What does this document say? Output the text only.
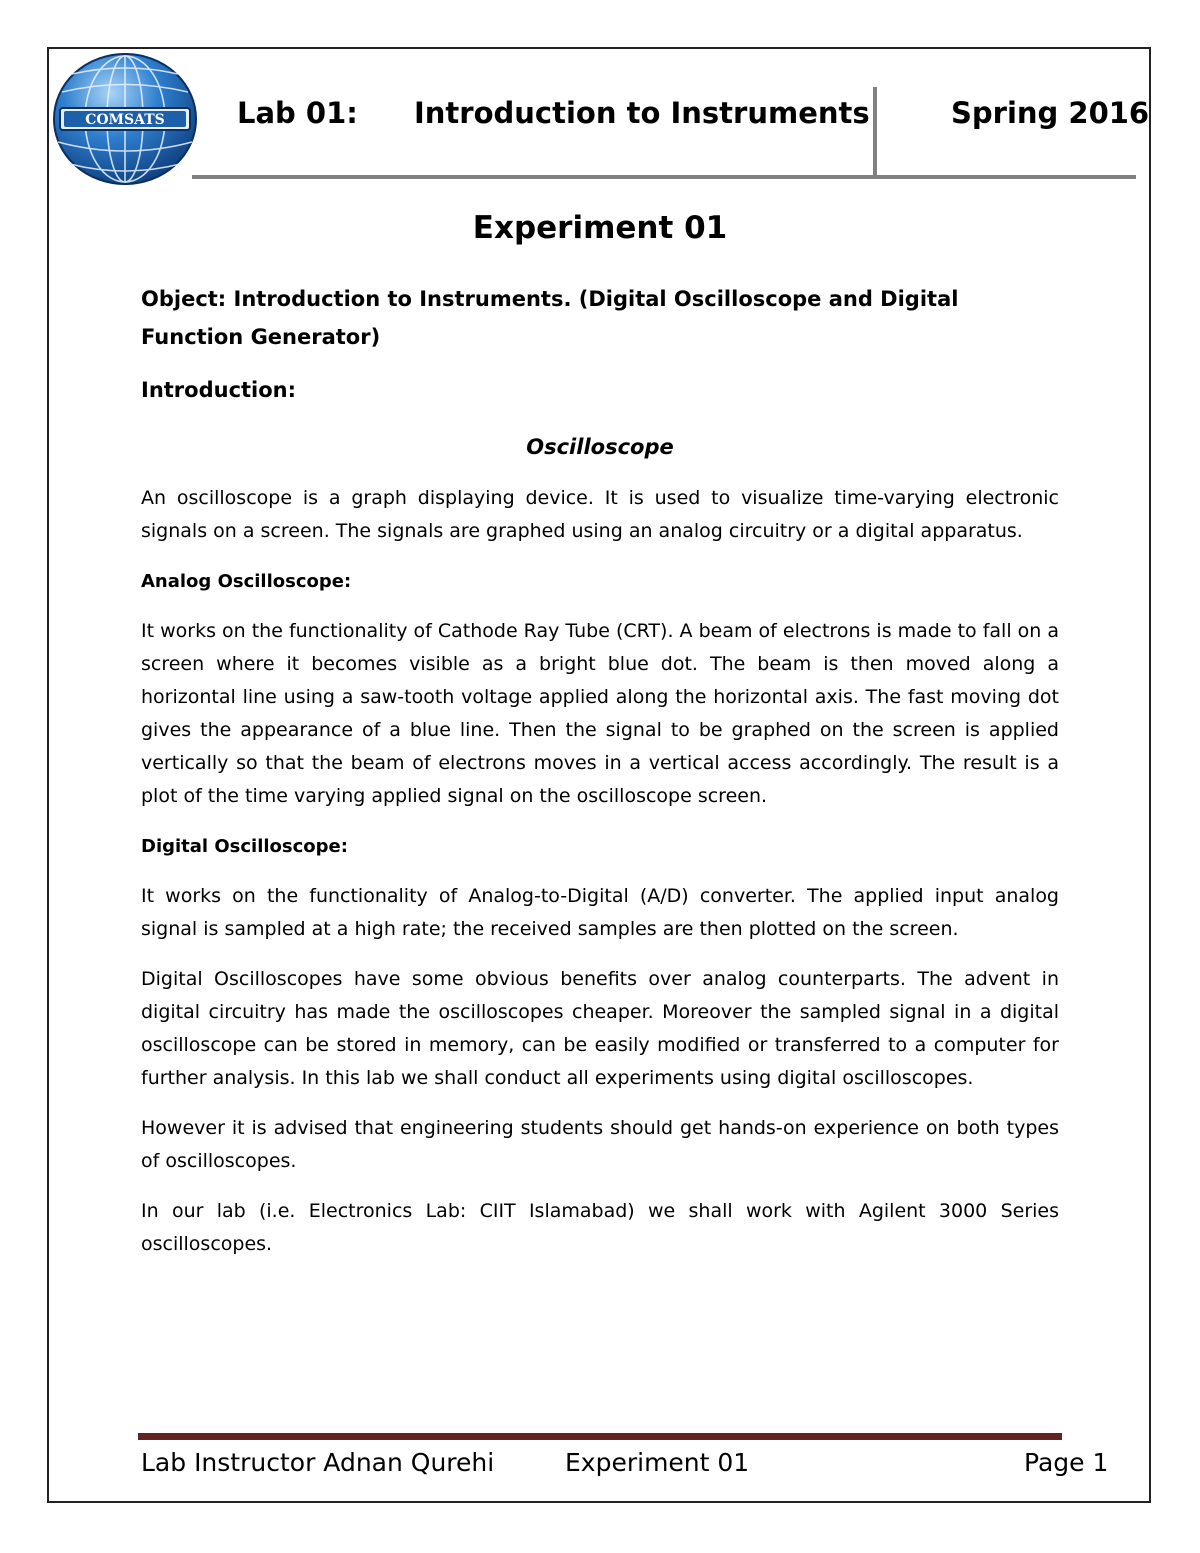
COMSATS Lab 01: Introduction to Instruments	Spring 2016
Experiment 01

Object: Introduction to Instruments. (Digital Oscilloscope and Digital Function Generator)

Introduction:

Oscilloscope

An oscilloscope is a graph displaying device. It is used to visualize time-varying electronic signals on a screen. The signals are graphed using an analog circuitry or a digital apparatus.

Analog Oscilloscope:

It works on the functionality of Cathode Ray Tube (CRT). A beam of electrons is made to fall on a screen where it becomes visible as a bright blue dot. The beam is then moved along a horizontal line using a saw-tooth voltage applied along the horizontal axis. The fast moving dot gives the appearance of a blue line. Then the signal to be graphed on the screen is applied vertically so that the beam of electrons moves in a vertical access accordingly. The result is a plot of the time varying applied signal on the oscilloscope screen.

Digital Oscilloscope:

It works on the functionality of Analog-to-Digital (A/D) converter. The applied input analog signal is sampled at a high rate; the received samples are then plotted on the screen.

Digital Oscilloscopes have some obvious benefits over analog counterparts. The advent in digital circuitry has made the oscilloscopes cheaper. Moreover the sampled signal in a digital oscilloscope can be stored in memory, can be easily modified or transferred to a computer for further analysis. In this lab we shall conduct all experiments using digital oscilloscopes.

However it is advised that engineering students should get hands-on experience on both types of oscilloscopes.

In our lab (i.e. Electronics Lab: CIIT Islamabad) we shall work with Agilent 3000 Series oscilloscopes.

Lab Instructor Adnan Qurehi	Experiment 01	Page 1
